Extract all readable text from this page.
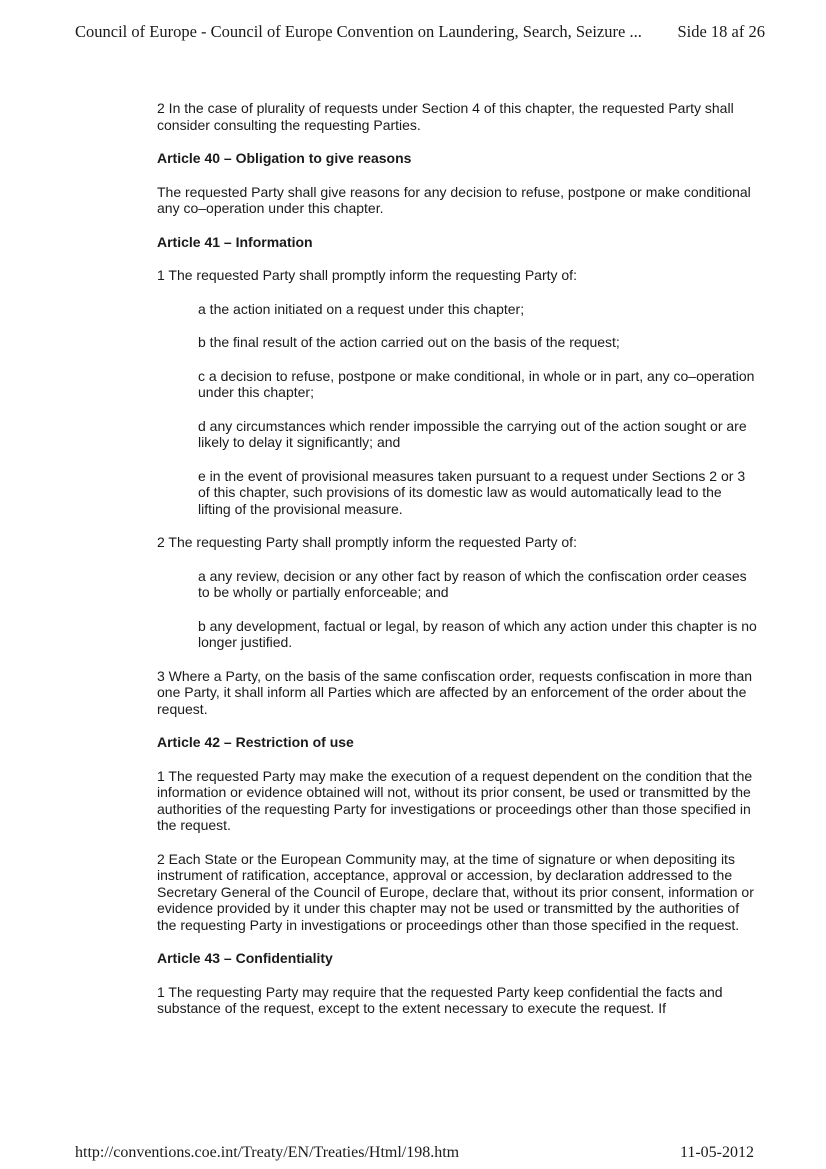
Council of Europe - Council of Europe Convention on Laundering, Search, Seizure ... Side 18 af 26

2 In the case of plurality of requests under Section 4 of this chapter, the requested Party shall consider consulting the requesting Parties.

Article 40 – Obligation to give reasons

The requested Party shall give reasons for any decision to refuse, postpone or make conditional any co–operation under this chapter.

Article 41 – Information

1 The requested Party shall promptly inform the requesting Party of:

a the action initiated on a request under this chapter;

b the final result of the action carried out on the basis of the request;

c a decision to refuse, postpone or make conditional, in whole or in part, any co–operation under this chapter;

d any circumstances which render impossible the carrying out of the action sought or are likely to delay it significantly; and

e in the event of provisional measures taken pursuant to a request under Sections 2 or 3 of this chapter, such provisions of its domestic law as would automatically lead to the lifting of the provisional measure.

2 The requesting Party shall promptly inform the requested Party of:

a any review, decision or any other fact by reason of which the confiscation order ceases to be wholly or partially enforceable; and

b any development, factual or legal, by reason of which any action under this chapter is no longer justified.

3 Where a Party, on the basis of the same confiscation order, requests confiscation in more than one Party, it shall inform all Parties which are affected by an enforcement of the order about the request.

Article 42 – Restriction of use

1 The requested Party may make the execution of a request dependent on the condition that the information or evidence obtained will not, without its prior consent, be used or transmitted by the authorities of the requesting Party for investigations or proceedings other than those specified in the request.

2 Each State or the European Community may, at the time of signature or when depositing its instrument of ratification, acceptance, approval or accession, by declaration addressed to the Secretary General of the Council of Europe, declare that, without its prior consent, information or evidence provided by it under this chapter may not be used or transmitted by the authorities of the requesting Party in investigations or proceedings other than those specified in the request.

Article 43 – Confidentiality

1 The requesting Party may require that the requested Party keep confidential the facts and substance of the request, except to the extent necessary to execute the request. If

http://conventions.coe.int/Treaty/EN/Treaties/Html/198.htm	11-05-2012
